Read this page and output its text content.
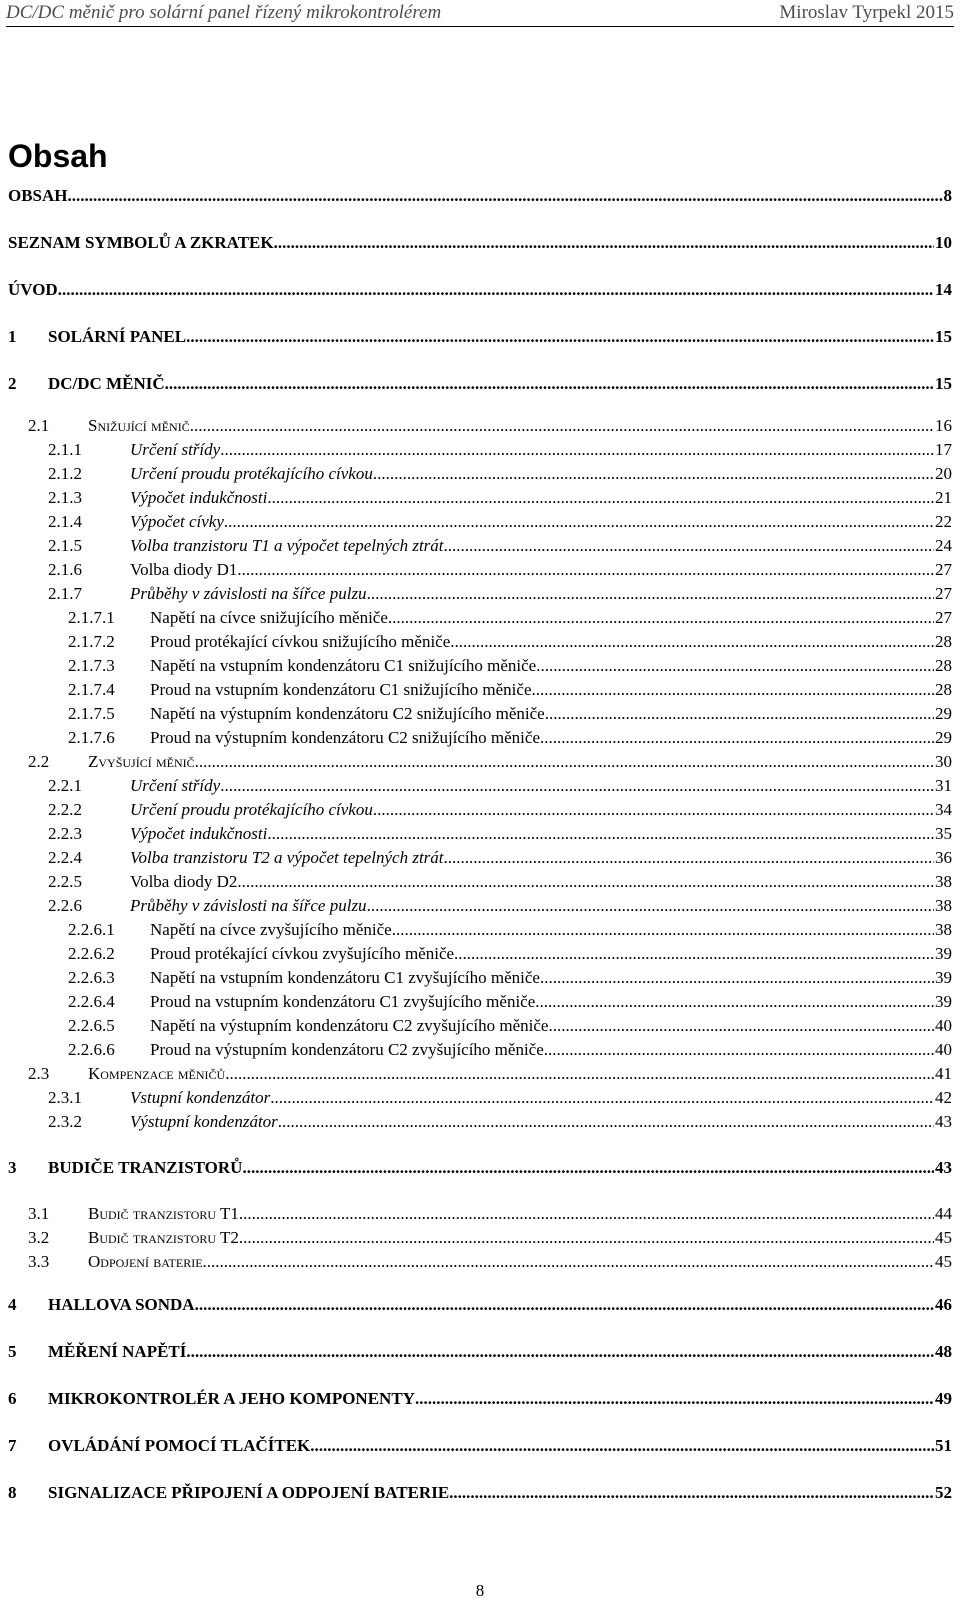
DC/DC měnič pro solární panel řízený mikrokontrolérem	Miroslav Tyrpekl 2015
Obsah
OBSAH .....	8
SEZNAM SYMBOLŮ A ZKRATEK .....	10
ÚVOD .....	14
1 SOLÁRNÍ PANEL .....	15
2 DC/DC MĚNIČ .....	15
2.1 Snižující měnič .....	16
2.1.1	Určení střídy .....	17
2.1.2	Určení proudu protékajícího cívkou .....	20
2.1.3	Výpočet indukčnosti .....	21
2.1.4	Výpočet cívky .....	22
2.1.5	Volba tranzistoru T1 a výpočet tepelných ztrát .....	24
2.1.6	Volba diody D1 .....	27
2.1.7	Průběhy v závislosti na šířce pulzu .....	27
2.1.7.1 Napětí na cívce snižujícího měniče .....	27
2.1.7.2 Proud protékající cívkou snižujícího měniče .....	28
2.1.7.3 Napětí na vstupním kondenzátoru C1 snižujícího měniče .....	28
2.1.7.4 Proud na vstupním kondenzátoru C1 snižujícího měniče .....	28
2.1.7.5 Napětí na výstupním kondenzátoru C2 snižujícího měniče .....	29
2.1.7.6 Proud na výstupním kondenzátoru C2 snižujícího měniče .....	29
2.2 Zvyšující měnič .....	30
2.2.1	Určení střídy .....	31
2.2.2	Určení proudu protékajícího cívkou .....	34
2.2.3	Výpočet indukčnosti .....	35
2.2.4	Volba tranzistoru T2 a výpočet tepelných ztrát .....	36
2.2.5	Volba diody D2 .....	38
2.2.6	Průběhy v závislosti na šířce pulzu .....	38
2.2.6.1 Napětí na cívce zvyšujícího měniče .....	38
2.2.6.2 Proud protékající cívkou zvyšujícího měniče .....	39
2.2.6.3 Napětí na vstupním kondenzátoru C1 zvyšujícího měniče .....	39
2.2.6.4 Proud na vstupním kondenzátoru C1 zvyšujícího měniče .....	39
2.2.6.5 Napětí na výstupním kondenzátoru C2 zvyšujícího měniče .....	40
2.2.6.6 Proud na výstupním kondenzátoru C2 zvyšujícího měniče .....	40
2.3 Kompenzace měničů .....	41
2.3.1	Vstupní kondenzátor .....	42
2.3.2	Výstupní kondenzátor .....	43
3 BUDIČE TRANZISTORŮ .....	43
3.1 Budič tranzistoru T1 .....	44
3.2 Budič tranzistoru T2 .....	45
3.3 Odpojení baterie .....	45
4 HALLOVA SONDA .....	46
5 MĚŘENÍ NAPĚTÍ .....	48
6 MIKROKONTROLÉR A JEHO KOMPONENTY .....	49
7 OVLÁDÁNÍ POMOCÍ TLAČÍTEK .....	51
8 SIGNALIZACE PŘIPOJENÍ A ODPOJENÍ BATERIE .....	52
8
